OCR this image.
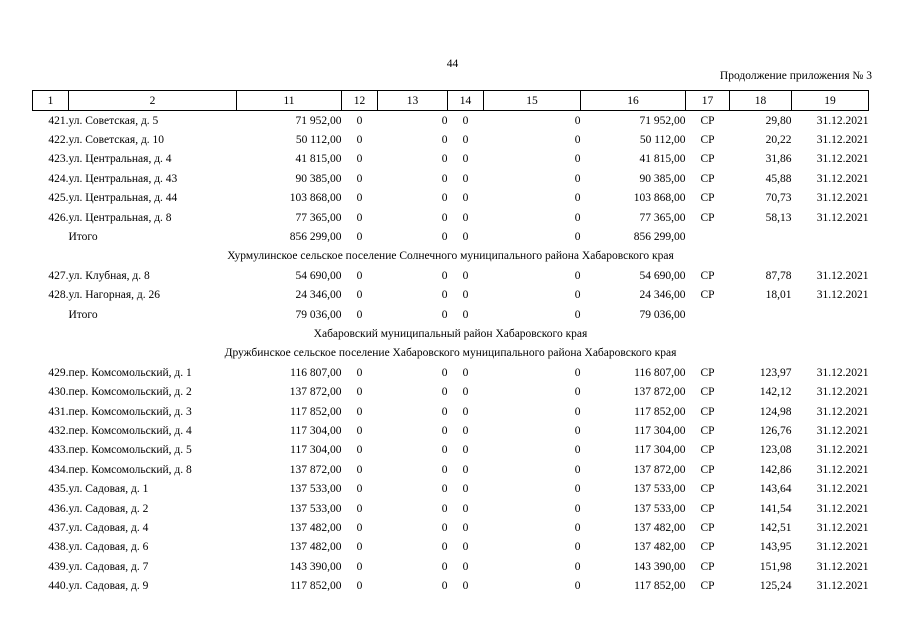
44
Продолжение приложения № 3
1	2	11	12	13	14	15	16	17	18	19
421.	ул. Советская, д. 5	71 952,00	0	0	0	0	71 952,00	СР	29,80	31.12.2021
422.	ул. Советская, д. 10	50 112,00	0	0	0	0	50 112,00	СР	20,22	31.12.2021
423.	ул. Центральная, д. 4	41 815,00	0	0	0	0	41 815,00	СР	31,86	31.12.2021
424.	ул. Центральная, д. 43	90 385,00	0	0	0	0	90 385,00	СР	45,88	31.12.2021
425.	ул. Центральная, д. 44	103 868,00	0	0	0	0	103 868,00	СР	70,73	31.12.2021
426.	ул. Центральная, д. 8	77 365,00	0	0	0	0	77 365,00	СР	58,13	31.12.2021
	Итого	856 299,00	0	0	0	0	856 299,00			
Хурмулинское сельское поселение Солнечного муниципального района Хабаровского края										
427.	ул. Клубная, д. 8	54 690,00	0	0	0	0	54 690,00	СР	87,78	31.12.2021
428.	ул. Нагорная, д. 26	24 346,00	0	0	0	0	24 346,00	СР	18,01	31.12.2021
	Итого	79 036,00	0	0	0	0	79 036,00			
Хабаровский муниципальный район Хабаровского края										
Дружбинское сельское поселение Хабаровского муниципального района Хабаровского края										
429.	пер. Комсомольский, д. 1	116 807,00	0	0	0	0	116 807,00	СР	123,97	31.12.2021
430.	пер. Комсомольский, д. 2	137 872,00	0	0	0	0	137 872,00	СР	142,12	31.12.2021
431.	пер. Комсомольский, д. 3	117 852,00	0	0	0	0	117 852,00	СР	124,98	31.12.2021
432.	пер. Комсомольский, д. 4	117 304,00	0	0	0	0	117 304,00	СР	126,76	31.12.2021
433.	пер. Комсомольский, д. 5	117 304,00	0	0	0	0	117 304,00	СР	123,08	31.12.2021
434.	пер. Комсомольский, д. 8	137 872,00	0	0	0	0	137 872,00	СР	142,86	31.12.2021
435.	ул. Садовая, д. 1	137 533,00	0	0	0	0	137 533,00	СР	143,64	31.12.2021
436.	ул. Садовая, д. 2	137 533,00	0	0	0	0	137 533,00	СР	141,54	31.12.2021
437.	ул. Садовая, д. 4	137 482,00	0	0	0	0	137 482,00	СР	142,51	31.12.2021
438.	ул. Садовая, д. 6	137 482,00	0	0	0	0	137 482,00	СР	143,95	31.12.2021
439.	ул. Садовая, д. 7	143 390,00	0	0	0	0	143 390,00	СР	151,98	31.12.2021
440.	ул. Садовая, д. 9	117 852,00	0	0	0	0	117 852,00	СР	125,24	31.12.2021
